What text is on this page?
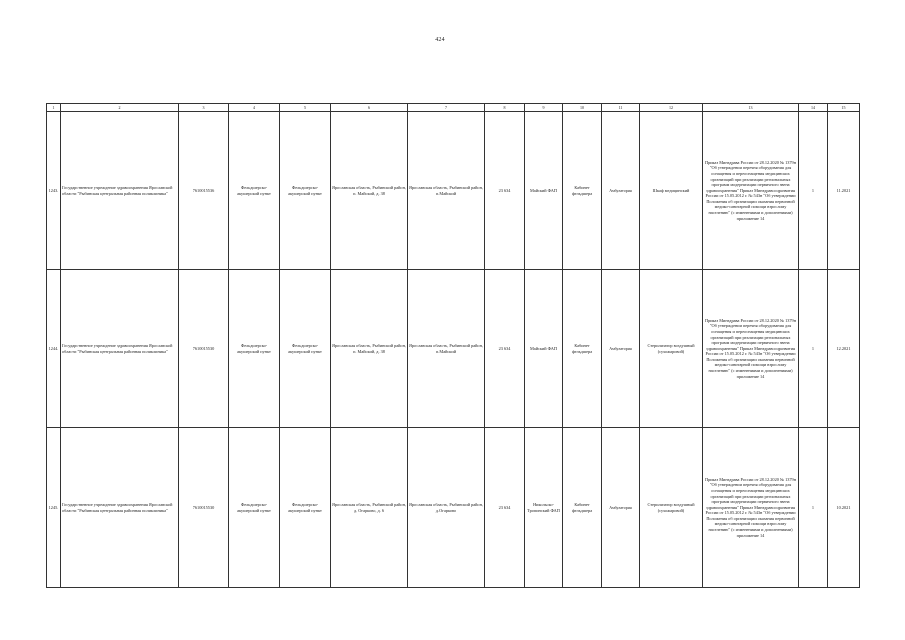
424
1	2	3	4	5	6	7	8	9	10	11	12	13	14	15
1243.	Государственное учреждение здравоохранения Ярославской области "Рыбинская центральная районная поликлиника"	7610015536	Фельдшерско-акушерский пункт	Фельдшерско-акушерский пункт	Ярославская область, Рыбинский район, п. Майский, д. 38	Ярославская область, Рыбинский район, п.Майский	23 634	Майский ФАП	Кабинет фельдшера	Амбулатория	Шкаф медицинский	Приказ Минздрава России от 28.12.2020 № 1379н "Об утверждении перечня оборудования для оснащения и переоснащения медицинских организаций при реализации региональных программ модернизации первичного звена здравоохранения" Приказ Минздравсоцразвития России от 15.05.2012 г. № 543н "Об утверждении Положения об организации оказания первичной медико-санитарной помощи взрослому населению" (с изменениями и дополнениями) приложение 14	1	11.2021
1244.	Государственное учреждение здравоохранения Ярославской области "Рыбинская центральная районная поликлиника"	7610015530	Фельдшерско-акушерский пункт	Фельдшерско-акушерский пункт	Ярославская область, Рыбинский район, п. Майский, д. 38	Ярославская область, Рыбинский район, п.Майский	23 634	Майский ФАП	Кабинет фельдшера	Амбулатория	Стерилизатор воздушный (сухожаровой)	Приказ Минздрава России от 28.12.2020 № 1379н "Об утверждении перечня оборудования для оснащения и переоснащения медицинских организаций при реализации региональных программ модернизации первичного звена здравоохранения" Приказ Минздравсоцразвития России от 15.05.2012 г. № 543н "Об утверждении Положения об организации оказания первичной медико-санитарной помощи взрослому населению" (с изменениями и дополнениями) приложение 14	1	12.2021
1245.	Государственное учреждение здравоохранения Ярославской области "Рыбинская центральная районная поликлиника"	7610015530	Фельдшерско-акушерский пункт	Фельдшерско-акушерский пункт	Ярославская область, Рыбинский район, д. Огарково, д. 6	Ярославская область, Рыбинский район, д.Огарково	23 634	Никольско-Тропинский ФАП	Кабинет фельдшера	Амбулатория	Стерилизатор воздушный (сухожаровой)	Приказ Минздрава России от 28.12.2020 № 1379н "Об утверждении перечня оборудования для оснащения и переоснащения медицинских организаций при реализации региональных программ модернизации первичного звена здравоохранения" Приказ Минздравсоцразвития России от 15.05.2012 г. № 543н "Об утверждении Положения об организации оказания первичной медико-санитарной помощи взрослому населению" (с изменениями и дополнениями) приложение 14	1	10.2021
